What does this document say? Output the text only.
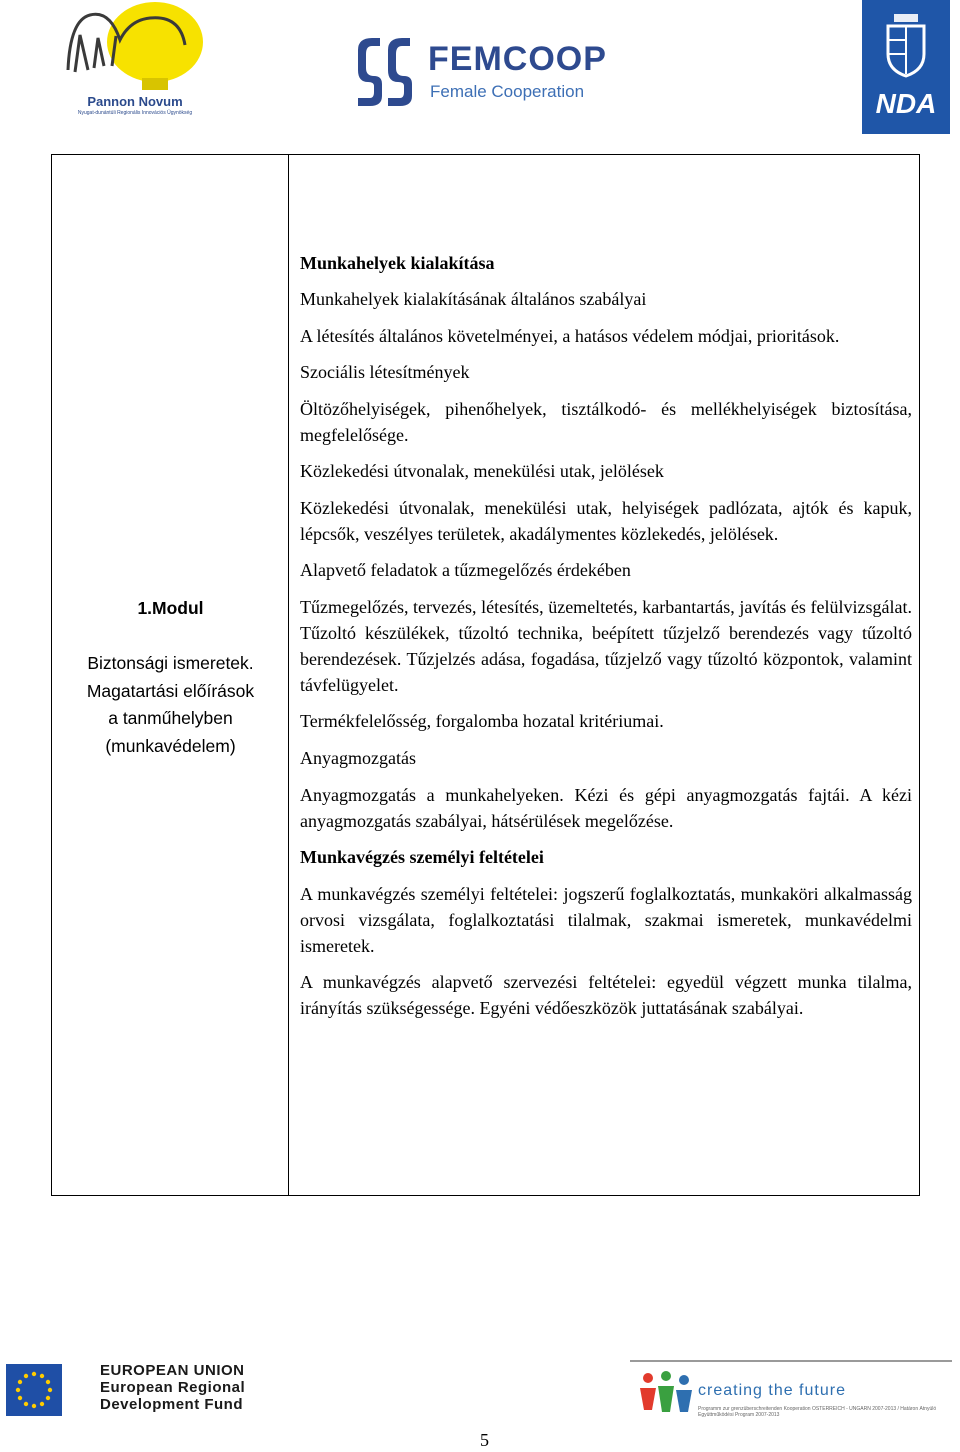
Pannon Novum
Nyugat-dunántúli Regionális Innovációs Ügynökség
FEMCOOP
Female Cooperation	NDA
1.Modul
Biztonsági ismeretek.
Magatartási előírások
a tanműhelyben
(munkavédelem)

Munkahelyek kialakítása

Munkahelyek kialakításának általános szabályai

A létesítés általános követelményei, a hatásos védelem módjai, prioritások.

Szociális létesítmények

Öltözőhelyiségek, pihenőhelyek, tisztálkodó- és mellékhelyiségek biztosítása, megfelelősége.

Közlekedési útvonalak, menekülési utak, jelölések

Közlekedési útvonalak, menekülési utak, helyiségek padlózata, ajtók és kapuk, lépcsők, veszélyes területek, akadálymentes közlekedés, jelölések.

Alapvető feladatok a tűzmegelőzés érdekében

Tűzmegelőzés, tervezés, létesítés, üzemeltetés, karbantartás, javítás és felülvizsgálat. Tűzoltó készülékek, tűzoltó technika, beépített tűzjelző berendezés vagy tűzoltó berendezések. Tűzjelzés adása, fogadása, tűzjelző vagy tűzoltó központok, valamint távfelügyelet.

Termékfelelősség, forgalomba hozatal kritériumai.

Anyagmozgatás

Anyagmozgatás a munkahelyeken. Kézi és gépi anyagmozgatás fajtái. A kézi anyagmozgatás szabályai, hátsérülések megelőzése.

Munkavégzés személyi feltételei

A munkavégzés személyi feltételei: jogszerű foglalkoztatás, munkaköri alkalmasság orvosi vizsgálata, foglalkoztatási tilalmak, szakmai ismeretek, munkavédelmi ismeretek.

A munkavégzés alapvető szervezési feltételei: egyedül végzett munka tilalma, irányítás szükségessége. Egyéni védőeszközök juttatásának szabályai.

EUROPEAN UNION
European Regional
Development Fund
creating the future
Programm zur grenzüberschreitenden Kooperation ÖSTERREICH - UNGARN 2007-2013 / Határon Átnyúló Együttműködési Program 2007-2013
5
